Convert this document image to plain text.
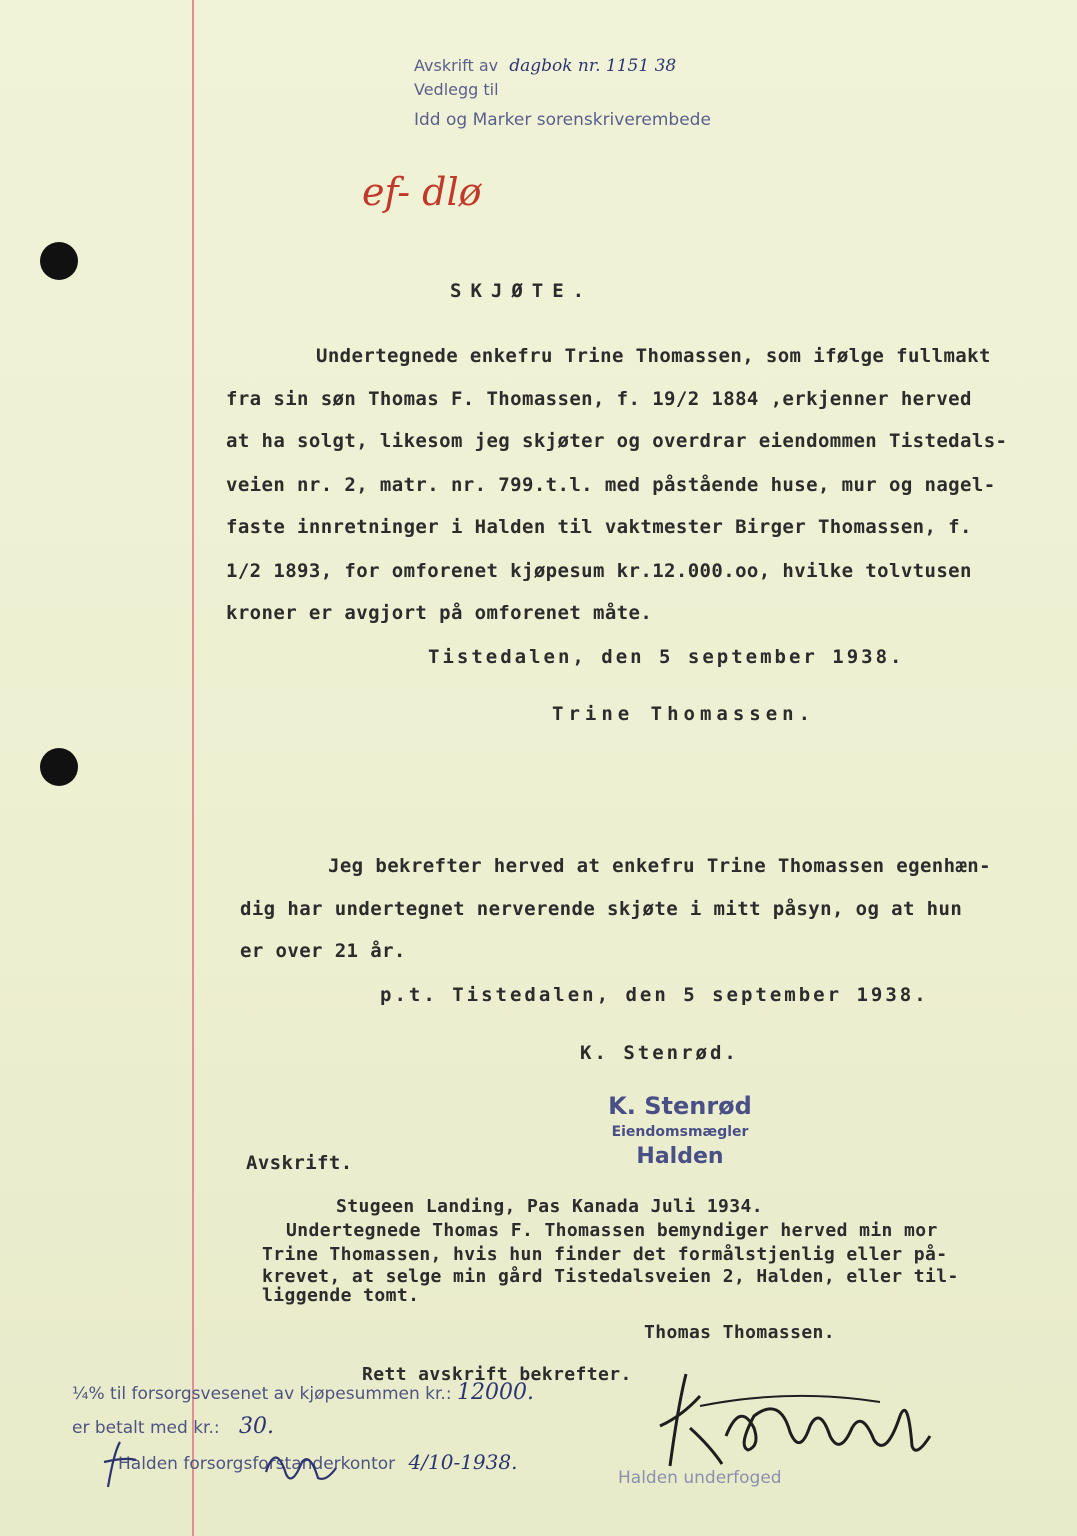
Avskrift av dagbok nr. 1151 38
Vedlegg til
Idd og Marker sorenskriverembede
ef- dlø
SKJØTE.
Undertegnede enkefru Trine Thomassen, som ifølge fullmakt
fra sin søn Thomas F. Thomassen, f. 19/2 1884 ,erkjenner herved
at ha solgt, likesom jeg skjøter og overdrar eiendommen Tistedals-
veien nr. 2, matr. nr. 799.t.l. med påstående huse, mur og nagel-
faste innretninger i Halden til vaktmester Birger Thomassen, f.
1/2 1893, for omforenet kjøpesum kr.12.000.oo, hvilke tolvtusen
kroner er avgjort på omforenet måte.
Tistedalen, den 5 september 1938.
Trine Thomassen.
Jeg bekrefter herved at enkefru Trine Thomassen egenhæn-
dig har undertegnet nerverende skjøte i mitt påsyn, og at hun
er over 21 år.
p.t. Tistedalen, den 5 september 1938.
K. Stenrød.
K. Stenrød
Eiendomsmægler
Halden
Avskrift.
Stugeen Landing, Pas Kanada Juli 1934.
Undertegnede Thomas F. Thomassen bemyndiger herved min mor
Trine Thomassen, hvis hun finder det formålstjenlig eller på-
krevet, at selge min gård Tistedalsveien 2, Halden, eller til-
liggende tomt.
Thomas Thomassen.
Rett avskrift bekrefter.
¼% til forsorgsvesenet av kjøpesummen kr.: 12000.
er betalt med kr.: 30.
Halden forsorgsforstanderkontor 4/10-1938.
Halden underfoged
